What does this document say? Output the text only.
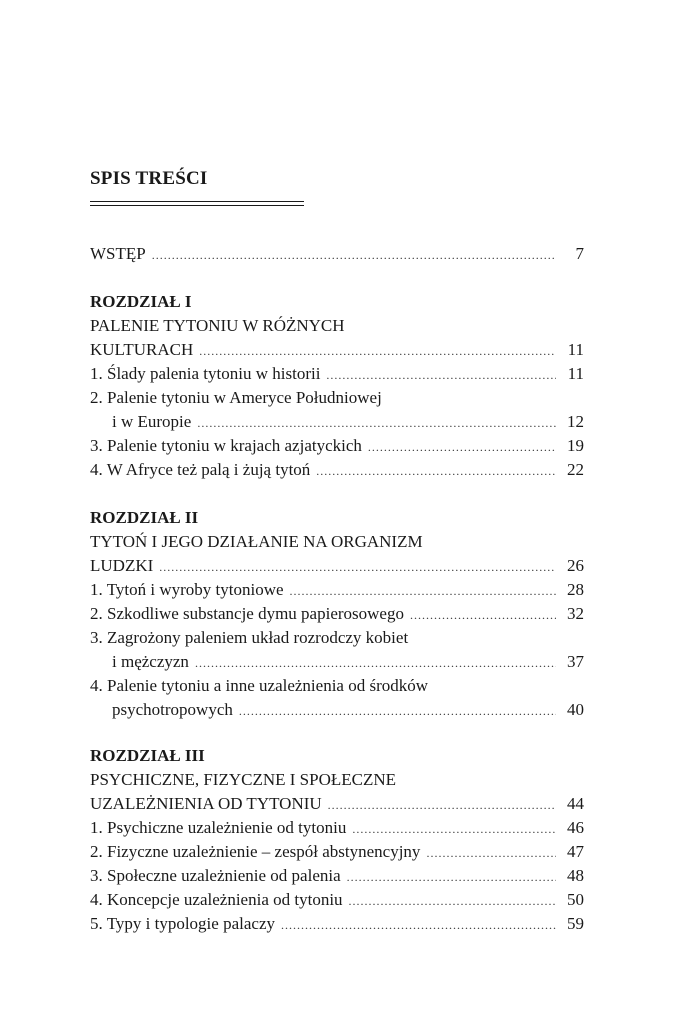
SPIS TREŚCI
WSTĘP .....	7
ROZDZIAŁ I
PALENIE TYTONIU W RÓŻNYCH
KULTURACH .....	11
1. Ślady palenia tytoniu w historii .....	11
2. Palenie tytoniu w Ameryce Południowej
i w Europie .....	12
3. Palenie tytoniu w krajach azjatyckich .....	19
4. W Afryce też palą i żują tytoń .....	22
ROZDZIAŁ II
TYTOŃ I JEGO DZIAŁANIE NA ORGANIZM
LUDZKI .....	26
1. Tytoń i wyroby tytoniowe .....	28
2. Szkodliwe substancje dymu papierosowego .....	32
3. Zagrożony paleniem układ rozrodczy kobiet
i mężczyzn .....	37
4. Palenie tytoniu a inne uzależnienia od środków
psychotropowych .....	40
ROZDZIAŁ III
PSYCHICZNE, FIZYCZNE I SPOŁECZNE
UZALEŻNIENIA OD TYTONIU .....	44
1. Psychiczne uzależnienie od tytoniu .....	46
2. Fizyczne uzależnienie – zespół abstynencyjny .....	47
3. Społeczne uzależnienie od palenia .....	48
4. Koncepcje uzależnienia od tytoniu .....	50
5. Typy i typologie palaczy .....	59
